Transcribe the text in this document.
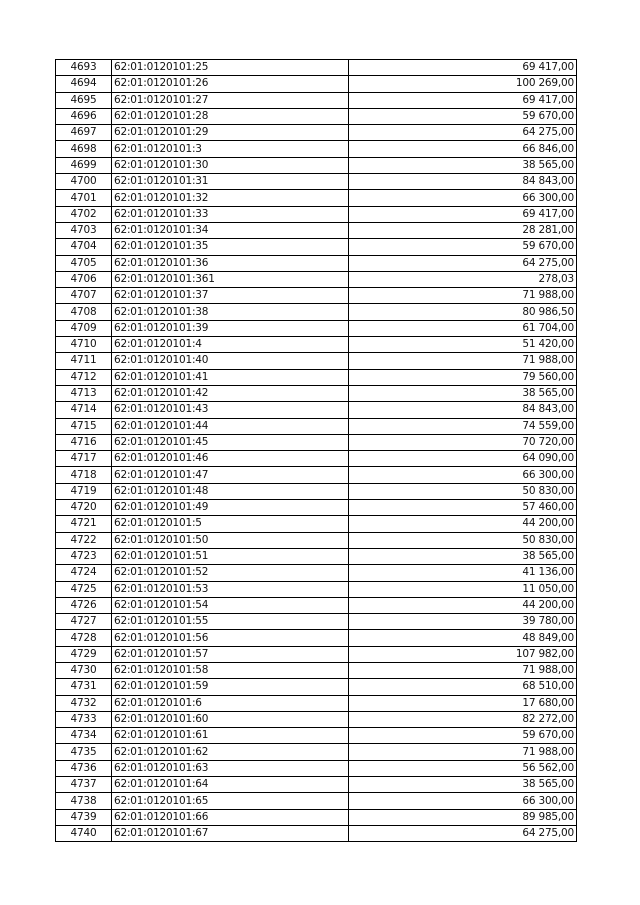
4693	62:01:0120101:25	69 417,00
4694	62:01:0120101:26	100 269,00
4695	62:01:0120101:27	69 417,00
4696	62:01:0120101:28	59 670,00
4697	62:01:0120101:29	64 275,00
4698	62:01:0120101:3	66 846,00
4699	62:01:0120101:30	38 565,00
4700	62:01:0120101:31	84 843,00
4701	62:01:0120101:32	66 300,00
4702	62:01:0120101:33	69 417,00
4703	62:01:0120101:34	28 281,00
4704	62:01:0120101:35	59 670,00
4705	62:01:0120101:36	64 275,00
4706	62:01:0120101:361	278,03
4707	62:01:0120101:37	71 988,00
4708	62:01:0120101:38	80 986,50
4709	62:01:0120101:39	61 704,00
4710	62:01:0120101:4	51 420,00
4711	62:01:0120101:40	71 988,00
4712	62:01:0120101:41	79 560,00
4713	62:01:0120101:42	38 565,00
4714	62:01:0120101:43	84 843,00
4715	62:01:0120101:44	74 559,00
4716	62:01:0120101:45	70 720,00
4717	62:01:0120101:46	64 090,00
4718	62:01:0120101:47	66 300,00
4719	62:01:0120101:48	50 830,00
4720	62:01:0120101:49	57 460,00
4721	62:01:0120101:5	44 200,00
4722	62:01:0120101:50	50 830,00
4723	62:01:0120101:51	38 565,00
4724	62:01:0120101:52	41 136,00
4725	62:01:0120101:53	11 050,00
4726	62:01:0120101:54	44 200,00
4727	62:01:0120101:55	39 780,00
4728	62:01:0120101:56	48 849,00
4729	62:01:0120101:57	107 982,00
4730	62:01:0120101:58	71 988,00
4731	62:01:0120101:59	68 510,00
4732	62:01:0120101:6	17 680,00
4733	62:01:0120101:60	82 272,00
4734	62:01:0120101:61	59 670,00
4735	62:01:0120101:62	71 988,00
4736	62:01:0120101:63	56 562,00
4737	62:01:0120101:64	38 565,00
4738	62:01:0120101:65	66 300,00
4739	62:01:0120101:66	89 985,00
4740	62:01:0120101:67	64 275,00
